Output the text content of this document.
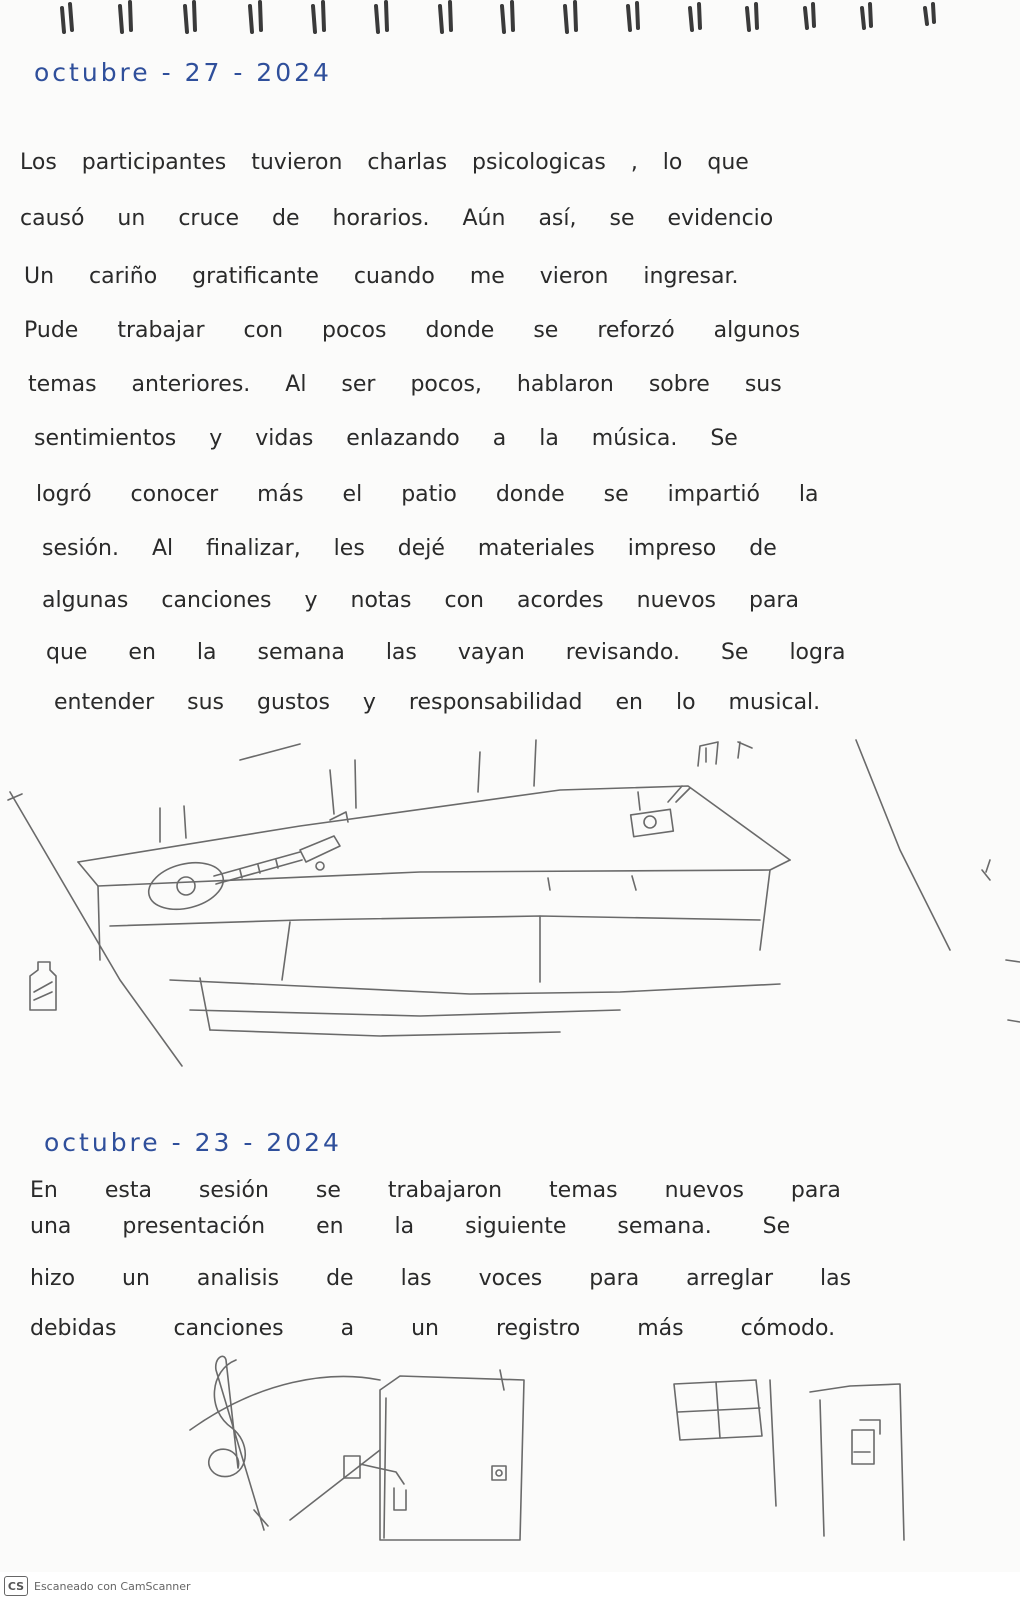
octubre - 27 - 2024
Los participantes tuvieron charlas psicologicas , lo que
causó un cruce de horarios. Aún así, se evidencio
Un cariño gratificante cuando me vieron ingresar.
Pude trabajar con pocos donde se reforzó algunos
temas anteriores. Al ser pocos, hablaron sobre sus
sentimientos y vidas enlazando a la música. Se
logró conocer más el patio donde se impartió la
sesión. Al finalizar, les dejé materiales impreso de
algunas canciones y notas con acordes nuevos para
que en la semana las vayan revisando. Se logra
entender sus gustos y responsabilidad en lo musical.
octubre - 23 - 2024
En esta sesión se trabajaron temas nuevos para
una presentación en la siguiente semana. Se
hizo un analisis de las voces para arreglar las
debidas canciones a un registro más cómodo.
CS Escaneado con CamScanner
